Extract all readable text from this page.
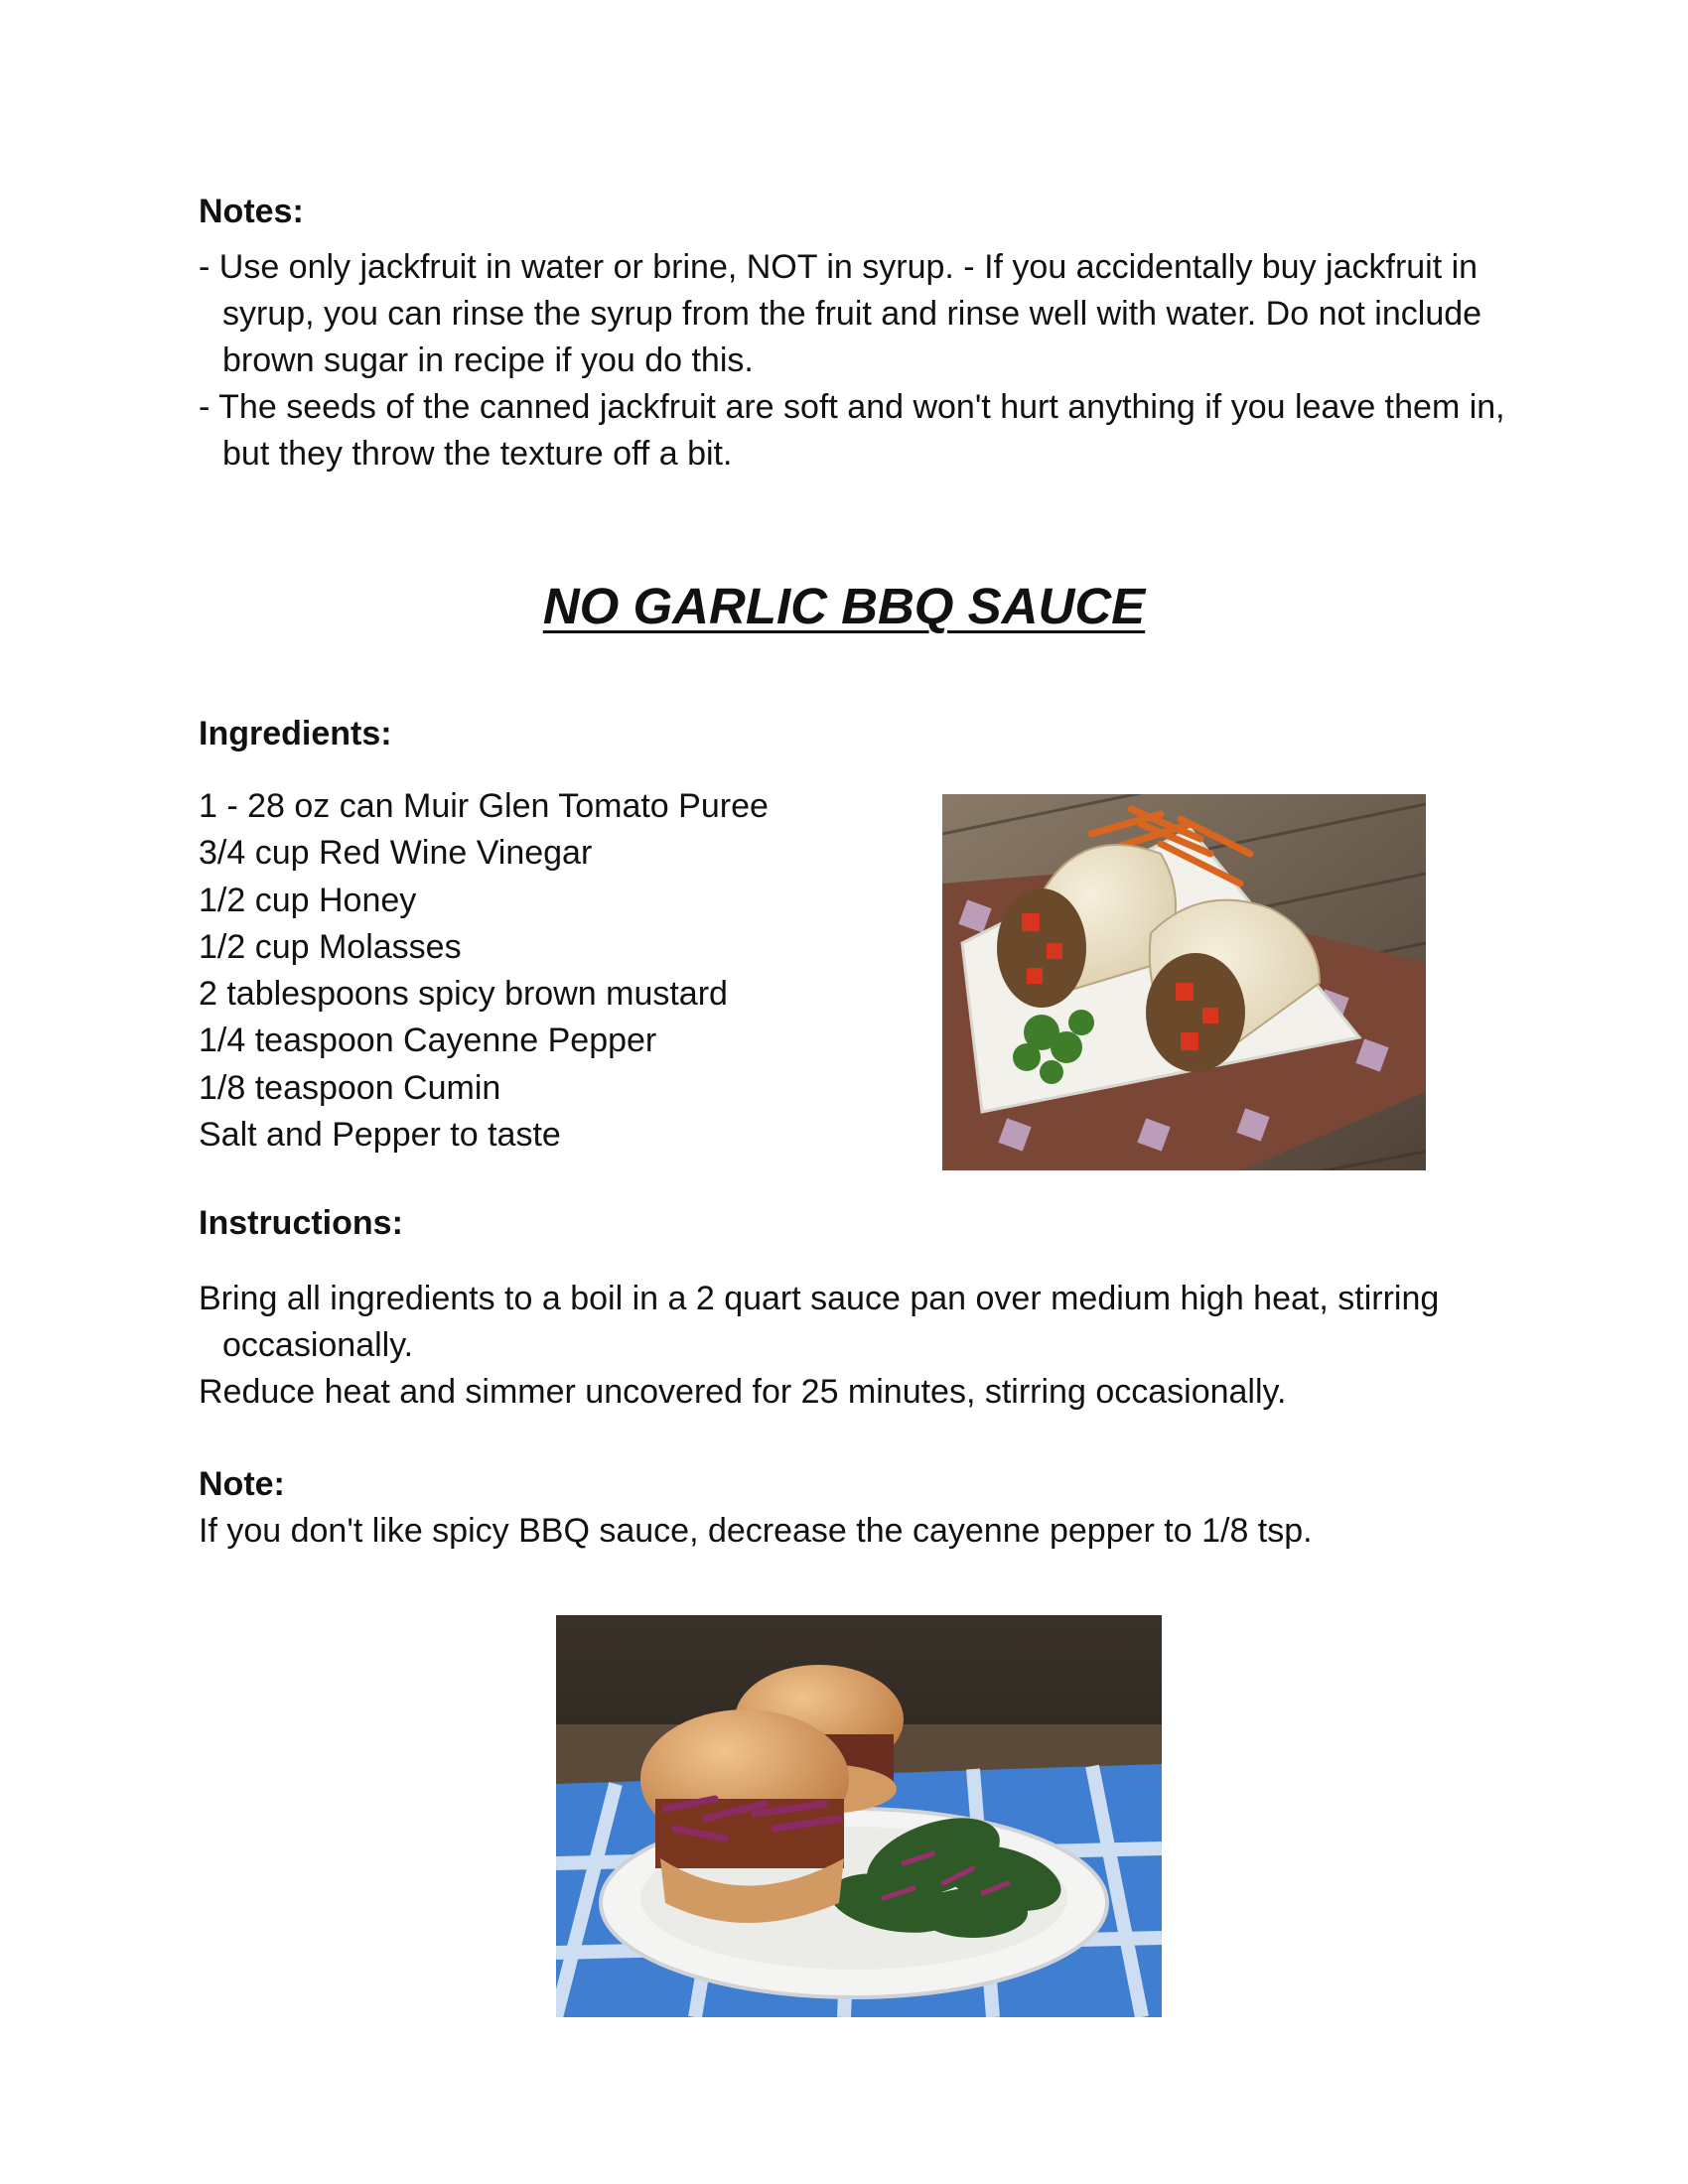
Notes:

- Use only jackfruit in water or brine, NOT in syrup. - If you accidentally buy jackfruit in syrup, you can rinse the syrup from the fruit and rinse well with water. Do not include brown sugar in recipe if you do this.

- The seeds of the canned jackfruit are soft and won't hurt anything if you leave them in, but they throw the texture off a bit.

NO GARLIC BBQ SAUCE
Ingredients:
1 - 28 oz can Muir Glen Tomato Puree
3/4 cup Red Wine Vinegar
1/2 cup Honey
1/2 cup Molasses
2 tablespoons spicy brown mustard
1/4 teaspoon Cayenne Pepper
1/8 teaspoon Cumin
Salt and Pepper to taste
Instructions:

Bring all ingredients to a boil in a 2 quart sauce pan over medium high heat, stirring occasionally.

Reduce heat and simmer uncovered for 25 minutes, stirring occasionally.

Note:

If you don't like spicy BBQ sauce, decrease the cayenne pepper to 1/8 tsp.
